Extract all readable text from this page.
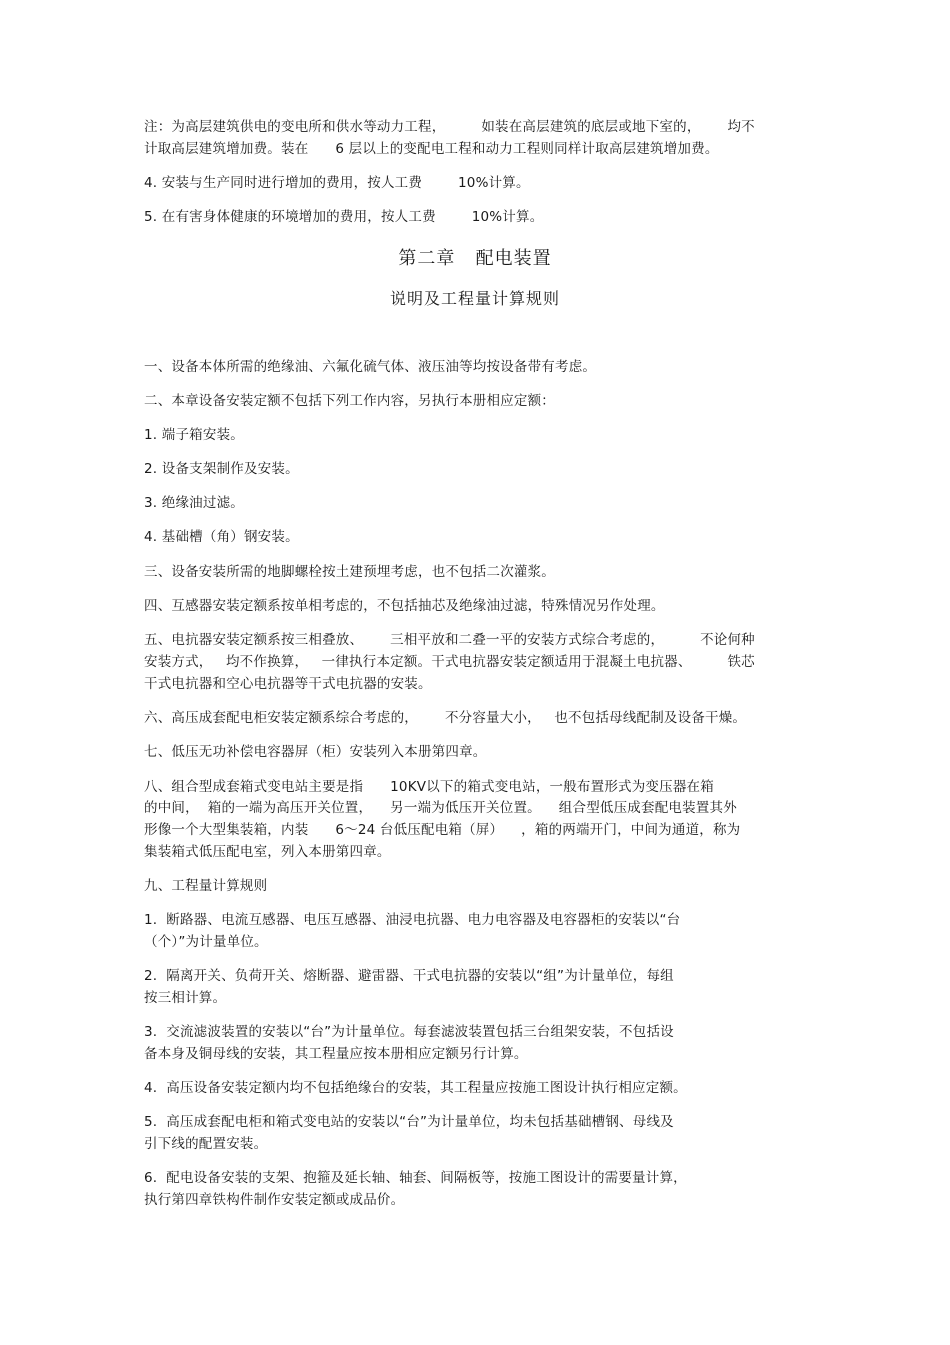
注：为高层建筑供电的变电所和供水等动力工程，        如装在高层建筑的底层或地下室的，      均不
计取高层建筑增加费。装在      6 层以上的变配电工程和动力工程则同样计取高层建筑增加费。
4. 安装与生产同时进行增加的费用，按人工费        10%计算。
5. 在有害身体健康的环境增加的费用，按人工费        10%计算。
第二章   配电装置
说明及工程量计算规则
一、设备本体所需的绝缘油、六氟化硫气体、液压油等均按设备带有考虑。
二、本章设备安装定额不包括下列工作内容，另执行本册相应定额：
1. 端子箱安装。
2. 设备支架制作及安装。
3. 绝缘油过滤。
4. 基础槽（角）钢安装。
三、设备安装所需的地脚螺栓按土建预埋考虑，也不包括二次灌浆。
四、互感器安装定额系按单相考虑的，不包括抽芯及绝缘油过滤，特殊情况另作处理。
五、电抗器安装定额系按三相叠放、      三相平放和二叠一平的安装方式综合考虑的，        不论何种
安装方式，   均不作换算，   一律执行本定额。干式电抗器安装定额适用于混凝土电抗器、        铁芯
干式电抗器和空心电抗器等干式电抗器的安装。
六、高压成套配电柜安装定额系综合考虑的，      不分容量大小，   也不包括母线配制及设备干燥。
七、低压无功补偿电容器屏（柜）安装列入本册第四章。
八、组合型成套箱式变电站主要是指      10KV以下的箱式变电站，一般布置形式为变压器在箱
的中间，  箱的一端为高压开关位置，    另一端为低压开关位置。    组合型低压成套配电装置其外
形像一个大型集装箱，内装      6～24 台低压配电箱（屏）    ，箱的两端开门，中间为通道，称为
集装箱式低压配电室，列入本册第四章。
九、工程量计算规则
1.  断路器、电流互感器、电压互感器、油浸电抗器、电力电容器及电容器柜的安装以“台
（个）”为计量单位。
2.  隔离开关、负荷开关、熔断器、避雷器、干式电抗器的安装以“组”为计量单位，每组
按三相计算。
3.  交流滤波装置的安装以“台”为计量单位。每套滤波装置包括三台组架安装，不包括设
备本身及铜母线的安装，其工程量应按本册相应定额另行计算。
4.  高压设备安装定额内均不包括绝缘台的安装，其工程量应按施工图设计执行相应定额。
5.  高压成套配电柜和箱式变电站的安装以“台”为计量单位，均未包括基础槽钢、母线及
引下线的配置安装。
6.  配电设备安装的支架、抱箍及延长轴、轴套、间隔板等，按施工图设计的需要量计算，
执行第四章铁构件制作安装定额或成品价。
